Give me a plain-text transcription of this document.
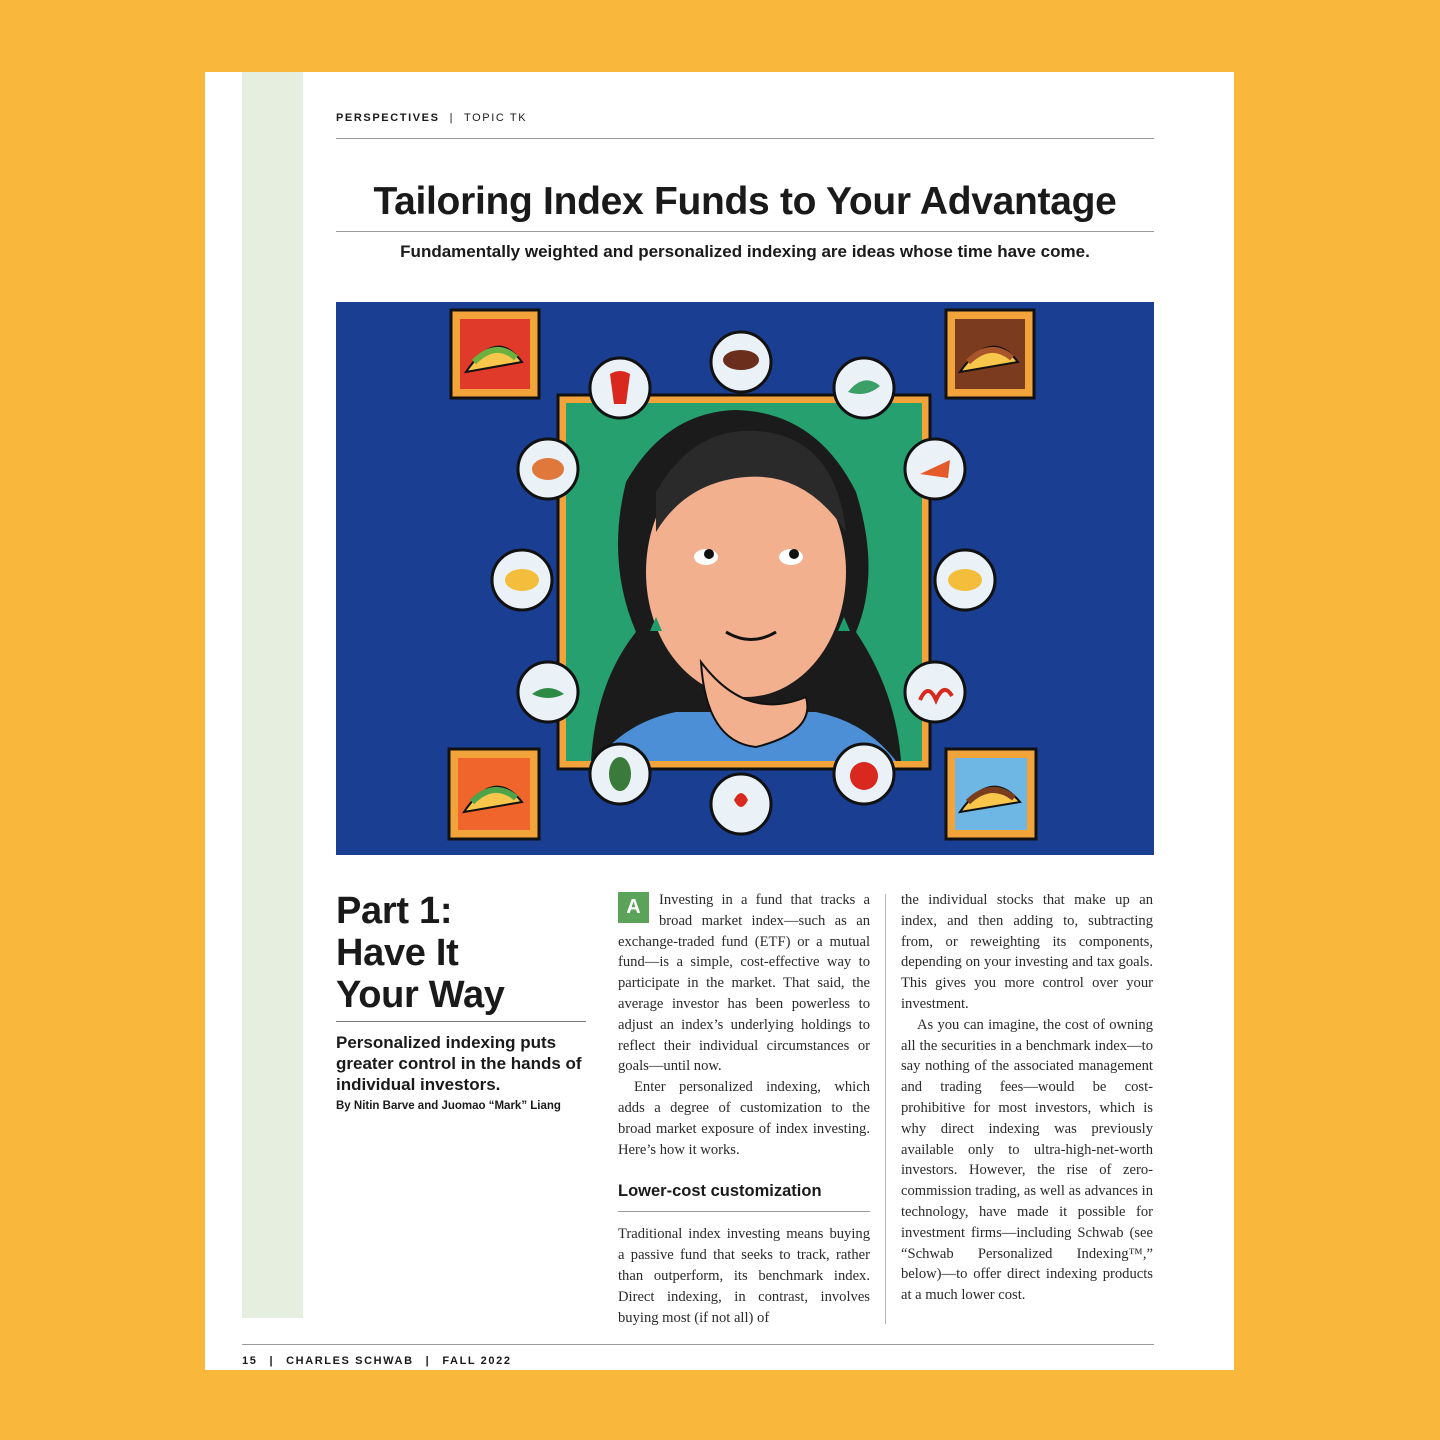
PERSPECTIVES | TOPIC TK
Tailoring Index Funds to Your Advantage
Fundamentally weighted and personalized indexing are ideas whose time have come.
Part 1:
Have It
Your Way
Personalized indexing puts greater control in the hands of individual investors.
By Nitin Barve and Juomao “Mark” Liang

A	Investing in a fund that tracks a broad market index—such as an exchange-traded fund (ETF) or a mutual fund—is a simple, cost-effective way to participate in the market. That said, the average investor has been powerless to adjust an index’s underlying holdings to reflect their individual circumstances or goals—until now.

Enter personalized indexing, which adds a degree of customization to the broad market exposure of index investing. Here’s how it works.

Lower-cost customization

Traditional index investing means buying a passive fund that seeks to track, rather than outperform, its benchmark index. Direct indexing, in contrast, involves buying most (if not all) of

the individual stocks that make up an index, and then adding to, subtracting from, or reweighting its components, depending on your investing and tax goals. This gives you more control over your investment.

As you can imagine, the cost of owning all the securities in a benchmark index—to say nothing of the associated management and trading fees—would be cost-prohibitive for most investors, which is why direct indexing was previously available only to ultra-high-net-worth investors. However, the rise of zero-commission trading, as well as advances in technology, have made it possible for investment firms—including Schwab (see “Schwab Personalized Indexing™,” below)—to offer direct indexing products at a much lower cost.

15 | CHARLES SCHWAB | FALL 2022
